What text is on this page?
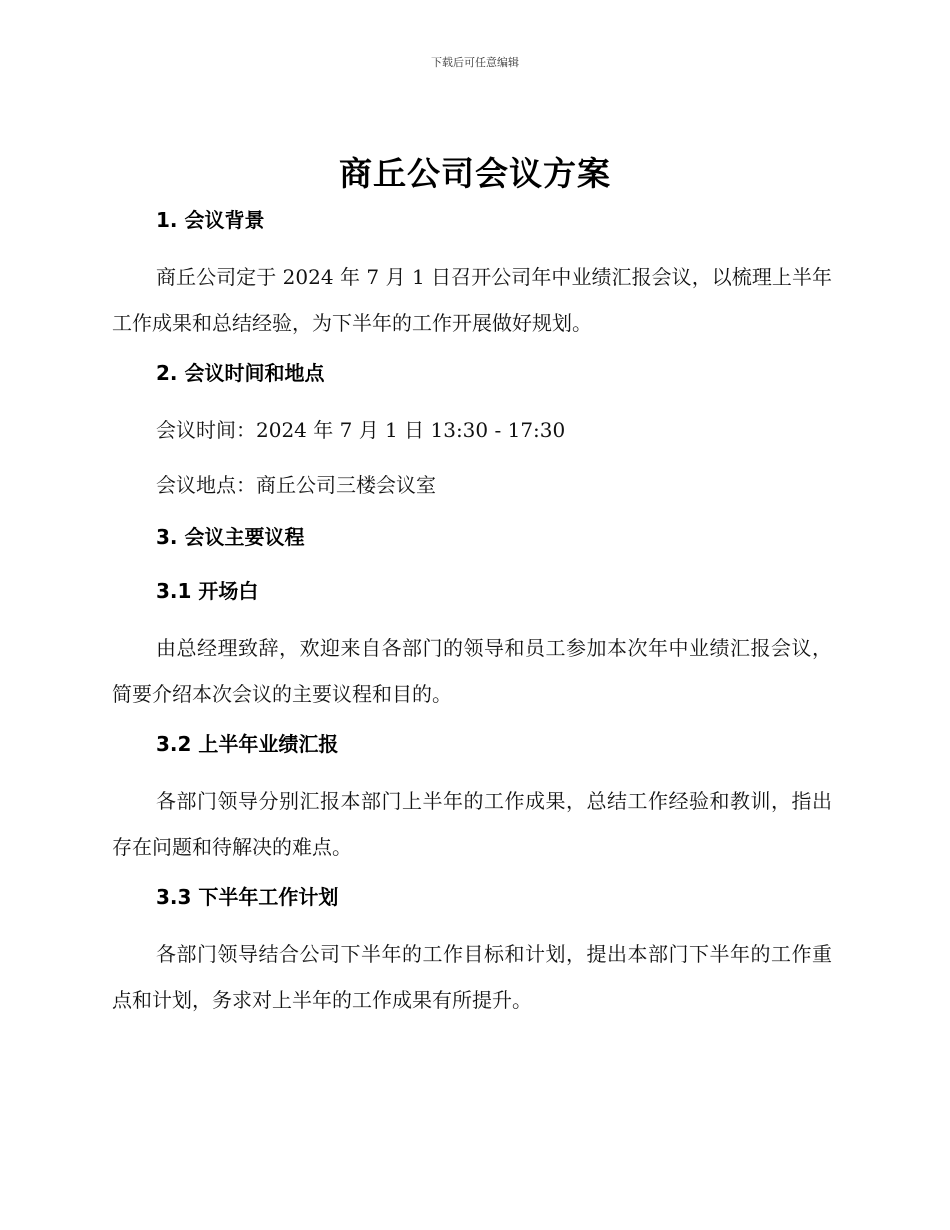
下载后可任意编辑
商丘公司会议方案
1. 会议背景

商丘公司定于 2024 年 7 月 1 日召开公司年中业绩汇报会议，以梳理上半年工作成果和总结经验，为下半年的工作开展做好规划。

2. 会议时间和地点

会议时间：2024 年 7 月 1 日 13:30 - 17:30

会议地点：商丘公司三楼会议室

3. 会议主要议程
3.1 开场白

由总经理致辞，欢迎来自各部门的领导和员工参加本次年中业绩汇报会议，简要介绍本次会议的主要议程和目的。

3.2 上半年业绩汇报

各部门领导分别汇报本部门上半年的工作成果，总结工作经验和教训，指出存在问题和待解决的难点。

3.3 下半年工作计划

各部门领导结合公司下半年的工作目标和计划，提出本部门下半年的工作重点和计划，务求对上半年的工作成果有所提升。
